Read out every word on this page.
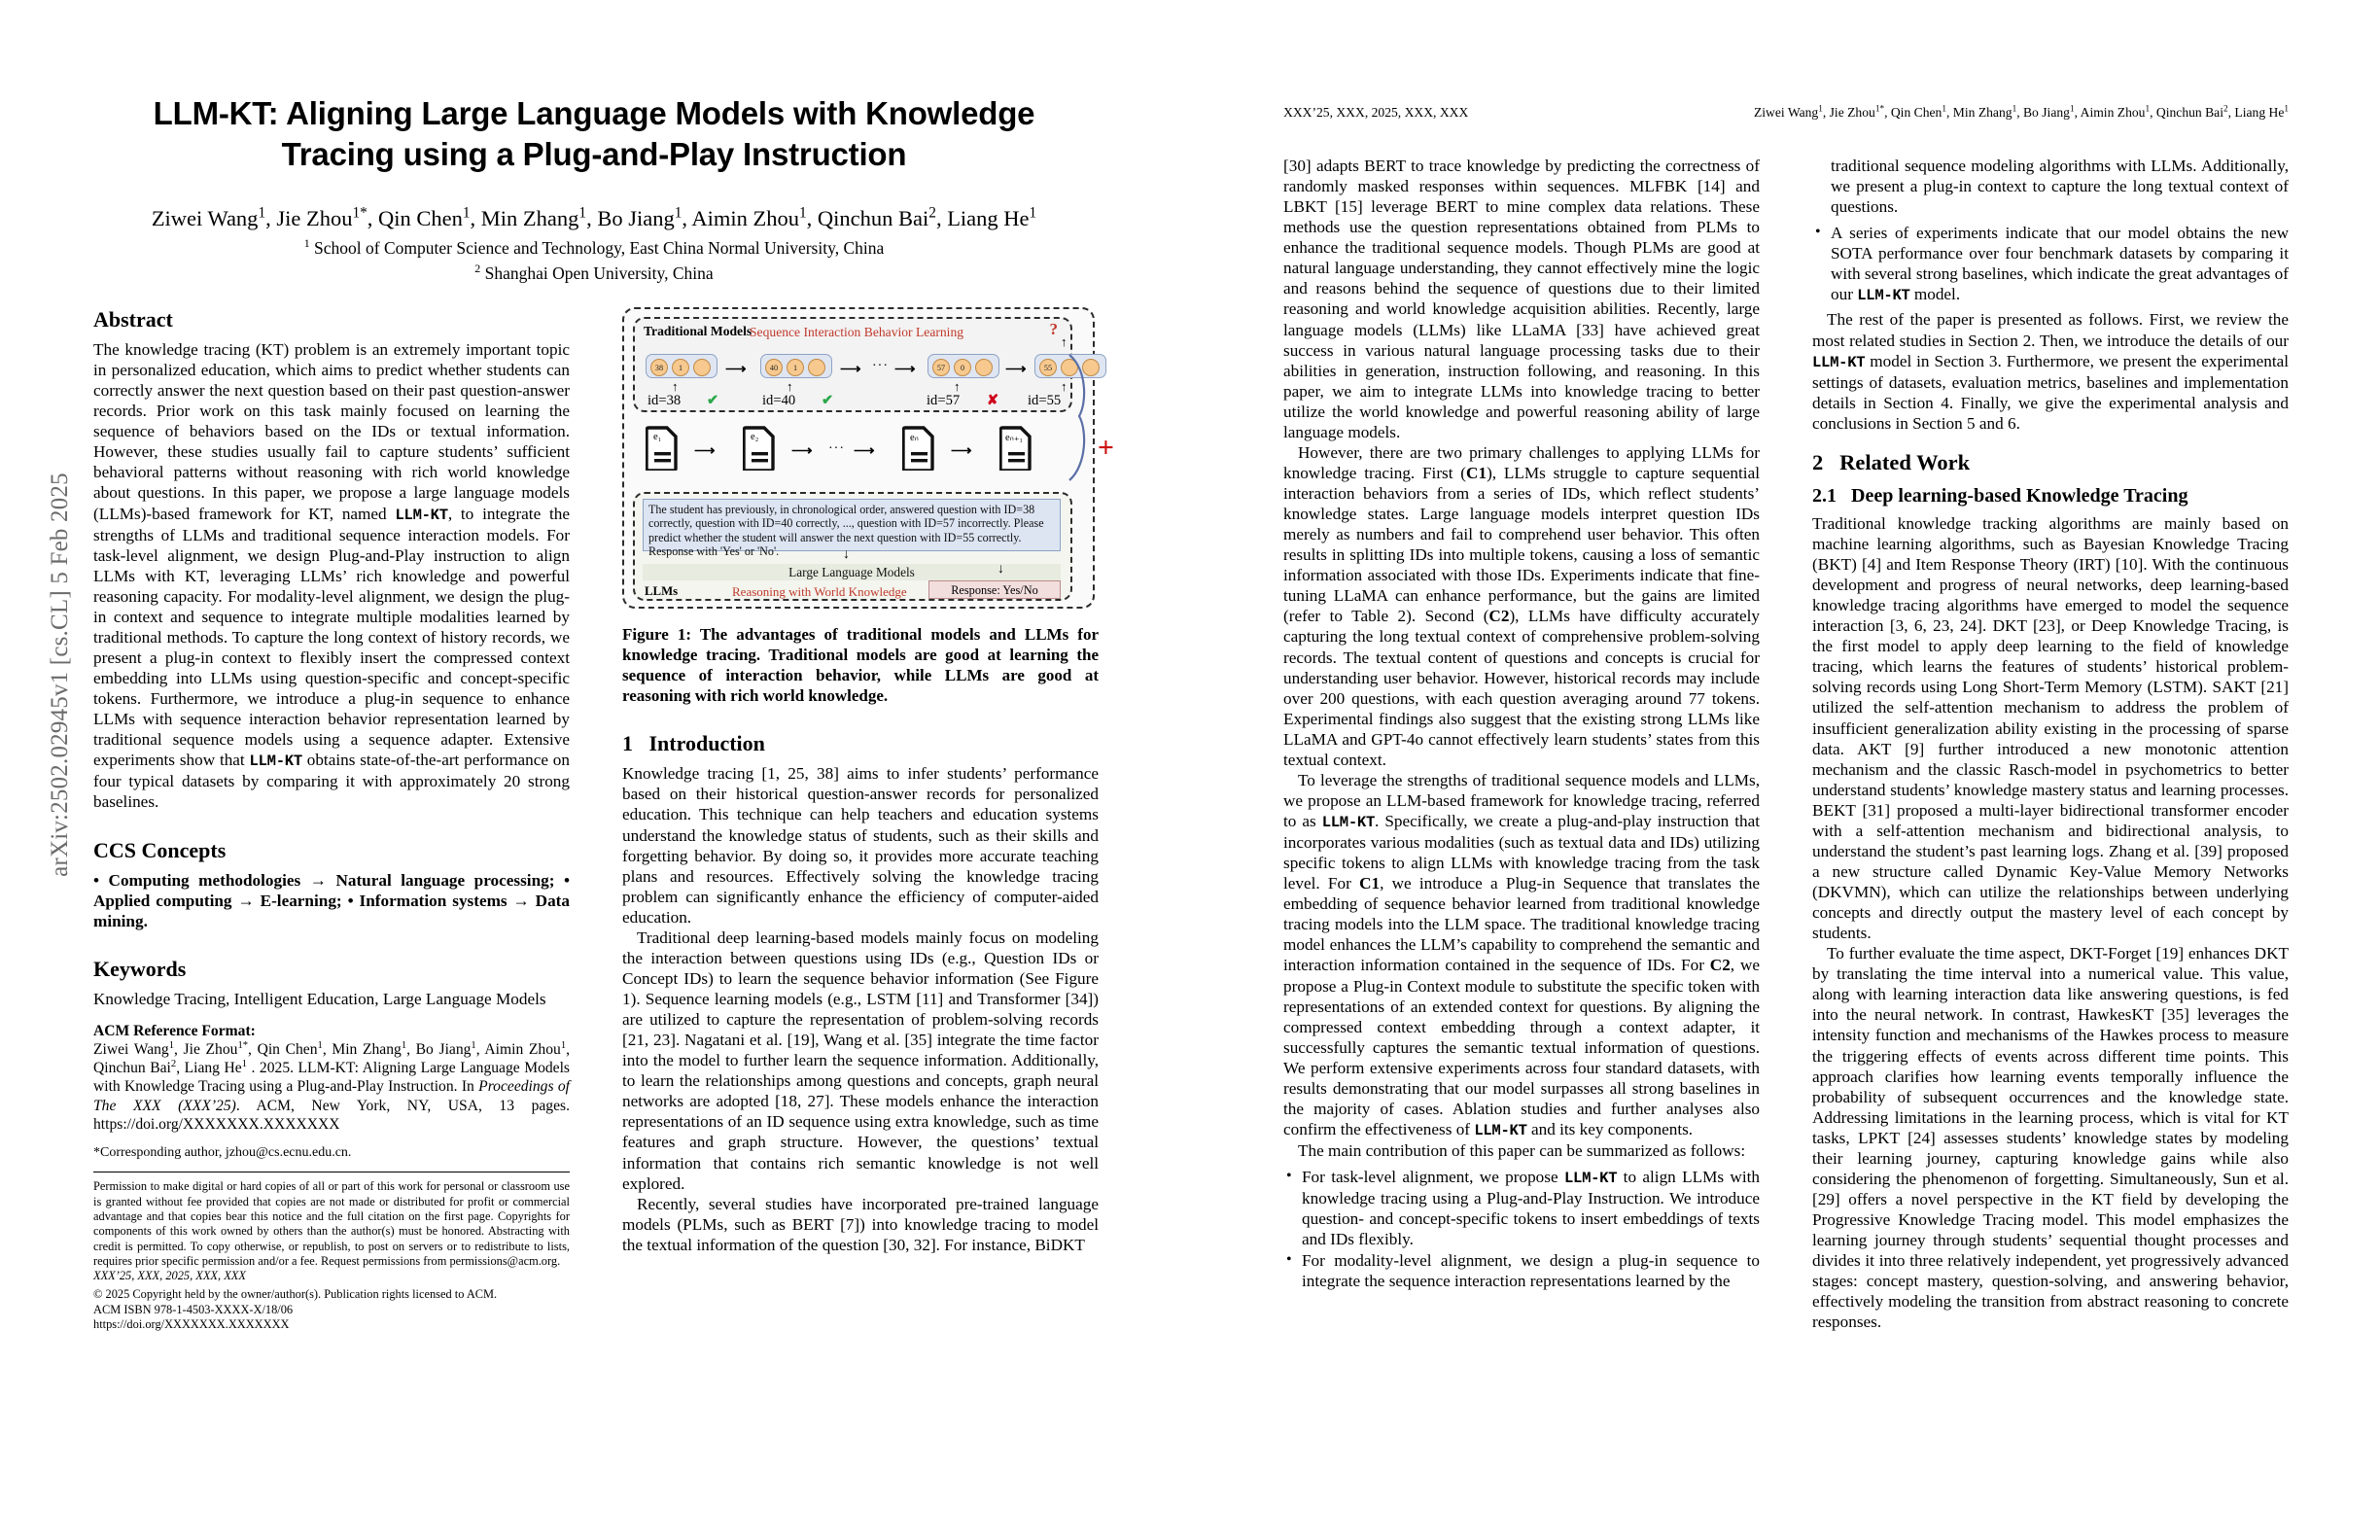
arXiv:2502.02945v1 [cs.CL] 5 Feb 2025
LLM-KT: Aligning Large Language Models with Knowledge Tracing using a Plug-and-Play Instruction
Ziwei Wang$^1$, Jie Zhou$^{1*}$, Qin Chen$^1$, Min Zhang$^1$, Bo Jiang$^1$, Aimin Zhou$^1$, Qinchun Bai$^2$, Liang He$^1$
$^1$ School of Computer Science and Technology, East China Normal University, China
$^2$ Shanghai Open University, China
Abstract

The knowledge tracing (KT) problem is an extremely important topic in personalized education, which aims to predict whether students can correctly answer the next question based on their past question-answer records. Prior work on this task mainly focused on learning the sequence of behaviors based on the IDs or textual information. However, these studies usually fail to capture students’ sufficient behavioral patterns without reasoning with rich world knowledge about questions. In this paper, we propose a large language models (LLMs)-based framework for KT, named LLM-KT, to integrate the strengths of LLMs and traditional sequence interaction models. For task-level alignment, we design Plug-and-Play instruction to align LLMs with KT, leveraging LLMs’ rich knowledge and powerful reasoning capacity. For modality-level alignment, we design the plug-in context and sequence to integrate multiple modalities learned by traditional methods. To capture the long context of history records, we present a plug-in context to flexibly insert the compressed context embedding into LLMs using question-specific and concept-specific tokens. Furthermore, we introduce a plug-in sequence to enhance LLMs with sequence interaction behavior representation learned by traditional sequence models using a sequence adapter. Extensive experiments show that LLM-KT obtains state-of-the-art performance on four typical datasets by comparing it with approximately 20 strong baselines.

CCS Concepts

• Computing methodologies → Natural language processing; • Applied computing → E-learning; • Information systems → Data mining.

Keywords

Knowledge Tracing, Intelligent Education, Large Language Models

ACM Reference Format:

Ziwei Wang$^1$, Jie Zhou$^{1*}$, Qin Chen$^1$, Min Zhang$^1$, Bo Jiang$^1$, Aimin Zhou$^1$, Qinchun Bai$^2$, Liang He$^1$ . 2025. LLM-KT: Aligning Large Language Models with Knowledge Tracing using a Plug-and-Play Instruction. In Proceedings of The XXX (XXX’25). ACM, New York, NY, USA, 13 pages. https://doi.org/XXXXXXX.XXXXXXX

*Corresponding author, jzhou@cs.ecnu.edu.cn.

Permission to make digital or hard copies of all or part of this work for personal or classroom use is granted without fee provided that copies are not made or distributed for profit or commercial advantage and that copies bear this notice and the full citation on the first page. Copyrights for components of this work owned by others than the author(s) must be honored. Abstracting with credit is permitted. To copy otherwise, or republish, to post on servers or to redistribute to lists, requires prior specific permission and/or a fee. Request permissions from permissions@acm.org.

XXX’25, XXX, 2025, XXX, XXX

© 2025 Copyright held by the owner/author(s). Publication rights licensed to ACM.

ACM ISBN 978-1-4503-XXXX-X/18/06

https://doi.org/XXXXXXX.XXXXXXX

Traditional Models
Sequence Interaction Behavior Learning	?
38	1	⟶	40	1	⟶ ··· ⟶	57	0	⟶	55
↑	↑	↑	↑
↑
id=38 ✔	id=40 ✔	id=57 ✘ id=55
e₁
⟶
e₂
⟶ ··· ⟶
eₙ
⟶
eₙ₊₁
The student has previously, in chronological order, answered question with ID=38 correctly, question with ID=40 correctly, ..., question with ID=57 incorrectly. Please predict whether the student will answer the next question with ID=55 correctly. Response with 'Yes' or 'No'.	↓
Large Language Models	↓
LLMs	Reasoning with World Knowledge	Response: Yes/No
+
Figure 1: The advantages of traditional models and LLMs for knowledge tracing. Traditional models are good at learning the sequence of interaction behavior, while LLMs are good at reasoning with rich world knowledge.
1 Introduction

Knowledge tracing [1, 25, 38] aims to infer students’ performance based on their historical question-answer records for personalized education. This technique can help teachers and education systems understand the knowledge status of students, such as their skills and forgetting behavior. By doing so, it provides more accurate teaching plans and resources. Effectively solving the knowledge tracing problem can significantly enhance the efficiency of computer-aided education.

Traditional deep learning-based models mainly focus on modeling the interaction between questions using IDs (e.g., Question IDs or Concept IDs) to learn the sequence behavior information (See Figure 1). Sequence learning models (e.g., LSTM [11] and Transformer [34]) are utilized to capture the representation of problem-solving records [21, 23]. Nagatani et al. [19], Wang et al. [35] integrate the time factor into the model to further learn the sequence information. Additionally, to learn the relationships among questions and concepts, graph neural networks are adopted [18, 27]. These models enhance the interaction representations of an ID sequence using extra knowledge, such as time features and graph structure. However, the questions’ textual information that contains rich semantic knowledge is not well explored.

Recently, several studies have incorporated pre-trained language models (PLMs, such as BERT [7]) into knowledge tracing to model the textual information of the question [30, 32]. For instance, BiDKT

XXX’25, XXX, 2025, XXX, XXX	Ziwei Wang$^1$, Jie Zhou$^{1*}$, Qin Chen$^1$, Min Zhang$^1$, Bo Jiang$^1$, Aimin Zhou$^1$, Qinchun Bai$^2$, Liang He$^1$

[30] adapts BERT to trace knowledge by predicting the correctness of randomly masked responses within sequences. MLFBK [14] and LBKT [15] leverage BERT to mine complex data relations. These methods use the question representations obtained from PLMs to enhance the traditional sequence models. Though PLMs are good at natural language understanding, they cannot effectively mine the logic and reasons behind the sequence of questions due to their limited reasoning and world knowledge acquisition abilities. Recently, large language models (LLMs) like LLaMA [33] have achieved great success in various natural language processing tasks due to their abilities in generation, instruction following, and reasoning. In this paper, we aim to integrate LLMs into knowledge tracing to better utilize the world knowledge and powerful reasoning ability of large language models.

However, there are two primary challenges to applying LLMs for knowledge tracing. First (C1), LLMs struggle to capture sequential interaction behaviors from a series of IDs, which reflect students’ knowledge states. Large language models interpret question IDs merely as numbers and fail to comprehend user behavior. This often results in splitting IDs into multiple tokens, causing a loss of semantic information associated with those IDs. Experiments indicate that fine-tuning LLaMA can enhance performance, but the gains are limited (refer to Table 2). Second (C2), LLMs have difficulty accurately capturing the long textual context of comprehensive problem-solving records. The textual content of questions and concepts is crucial for understanding user behavior. However, historical records may include over 200 questions, with each question averaging around 77 tokens. Experimental findings also suggest that the existing strong LLMs like LLaMA and GPT-4o cannot effectively learn students’ states from this textual context.

To leverage the strengths of traditional sequence models and LLMs, we propose an LLM-based framework for knowledge tracing, referred to as LLM-KT. Specifically, we create a plug-and-play instruction that incorporates various modalities (such as textual data and IDs) utilizing specific tokens to align LLMs with knowledge tracing from the task level. For C1, we introduce a Plug-in Sequence that translates the embedding of sequence behavior learned from traditional knowledge tracing models into the LLM space. The traditional knowledge tracing model enhances the LLM’s capability to comprehend the semantic and interaction information contained in the sequence of IDs. For C2, we propose a Plug-in Context module to substitute the specific token with representations of an extended context for questions. By aligning the compressed context embedding through a context adapter, it successfully captures the semantic textual information of questions. We perform extensive experiments across four standard datasets, with results demonstrating that our model surpasses all strong baselines in the majority of cases. Ablation studies and further analyses also confirm the effectiveness of LLM-KT and its key components.

The main contribution of this paper can be summarized as follows:

• For task-level alignment, we propose LLM-KT to align LLMs with knowledge tracing using a Plug-and-Play Instruction. We introduce question- and concept-specific tokens to insert embeddings of texts and IDs flexibly.
• For modality-level alignment, we design a plug-in sequence to integrate the sequence interaction representations learned by the

traditional sequence modeling algorithms with LLMs. Additionally, we present a plug-in context to capture the long textual context of questions.

• A series of experiments indicate that our model obtains the new SOTA performance over four benchmark datasets by comparing it with several strong baselines, which indicate the great advantages of our LLM-KT model.

The rest of the paper is presented as follows. First, we review the most related studies in Section 2. Then, we introduce the details of our LLM-KT model in Section 3. Furthermore, we present the experimental settings of datasets, evaluation metrics, baselines and implementation details in Section 4. Finally, we give the experimental analysis and conclusions in Section 5 and 6.

2 Related Work
2.1 Deep learning-based Knowledge Tracing

Traditional knowledge tracking algorithms are mainly based on machine learning algorithms, such as Bayesian Knowledge Tracing (BKT) [4] and Item Response Theory (IRT) [10]. With the continuous development and progress of neural networks, deep learning-based knowledge tracing algorithms have emerged to model the sequence interaction [3, 6, 23, 24]. DKT [23], or Deep Knowledge Tracing, is the first model to apply deep learning to the field of knowledge tracing, which learns the features of students’ historical problem-solving records using Long Short-Term Memory (LSTM). SAKT [21] utilized the self-attention mechanism to address the problem of insufficient generalization ability existing in the processing of sparse data. AKT [9] further introduced a new monotonic attention mechanism and the classic Rasch-model in psychometrics to better understand students’ knowledge mastery status and learning processes. BEKT [31] proposed a multi-layer bidirectional transformer encoder with a self-attention mechanism and bidirectional analysis, to understand the student’s past learning logs. Zhang et al. [39] proposed a new structure called Dynamic Key-Value Memory Networks (DKVMN), which can utilize the relationships between underlying concepts and directly output the mastery level of each concept by students.

To further evaluate the time aspect, DKT-Forget [19] enhances DKT by translating the time interval into a numerical value. This value, along with learning interaction data like answering questions, is fed into the neural network. In contrast, HawkesKT [35] leverages the intensity function and mechanisms of the Hawkes process to measure the triggering effects of events across different time points. This approach clarifies how learning events temporally influence the probability of subsequent occurrences and the knowledge state. Addressing limitations in the learning process, which is vital for KT tasks, LPKT [24] assesses students’ knowledge states by modeling their learning journey, capturing knowledge gains while also considering the phenomenon of forgetting. Simultaneously, Sun et al. [29] offers a novel perspective in the KT field by developing the Progressive Knowledge Tracing model. This model emphasizes the learning journey through students’ sequential thought processes and divides it into three relatively independent, yet progressively advanced stages: concept mastery, question-solving, and answering behavior, effectively modeling the transition from abstract reasoning to concrete responses.
